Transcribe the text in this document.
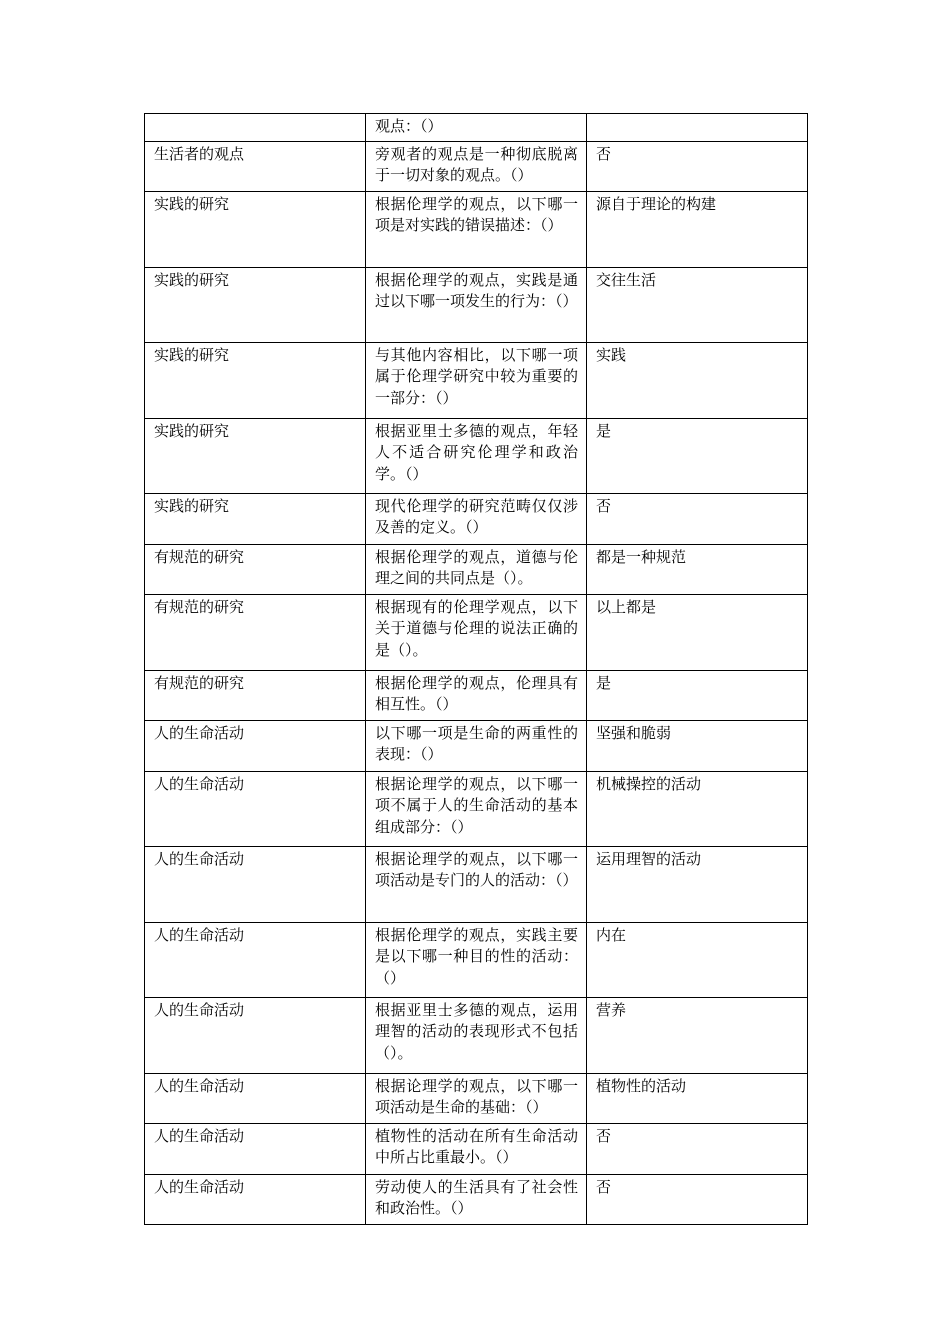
	观点：（）	
生活者的观点	旁观者的观点是一种彻底脱离于一切对象的观点。（）	否
实践的研究	根据伦理学的观点，以下哪一项是对实践的错误描述：（）	源自于理论的构建
实践的研究	根据伦理学的观点，实践是通过以下哪一项发生的行为：（）	交往生活
实践的研究	与其他内容相比，以下哪一项属于伦理学研究中较为重要的一部分：（）	实践
实践的研究	根据亚里士多德的观点，年轻人不适合研究伦理学和政治学。（）	是
实践的研究	现代伦理学的研究范畴仅仅涉及善的定义。（）	否
有规范的研究	根据伦理学的观点，道德与伦理之间的共同点是（）。	都是一种规范
有规范的研究	根据现有的伦理学观点，以下关于道德与伦理的说法正确的是（）。	以上都是
有规范的研究	根据伦理学的观点，伦理具有相互性。（）	是
人的生命活动	以下哪一项是生命的两重性的表现：（）	坚强和脆弱
人的生命活动	根据论理学的观点，以下哪一项不属于人的生命活动的基本组成部分：（）	机械操控的活动
人的生命活动	根据论理学的观点，以下哪一项活动是专门的人的活动：（）	运用理智的活动
人的生命活动	根据伦理学的观点，实践主要是以下哪一种目的性的活动：（）	内在
人的生命活动	根据亚里士多德的观点，运用理智的活动的表现形式不包括（）。	营养
人的生命活动	根据论理学的观点，以下哪一项活动是生命的基础：（）	植物性的活动
人的生命活动	植物性的活动在所有生命活动中所占比重最小。（）	否
人的生命活动	劳动使人的生活具有了社会性和政治性。（）	否
